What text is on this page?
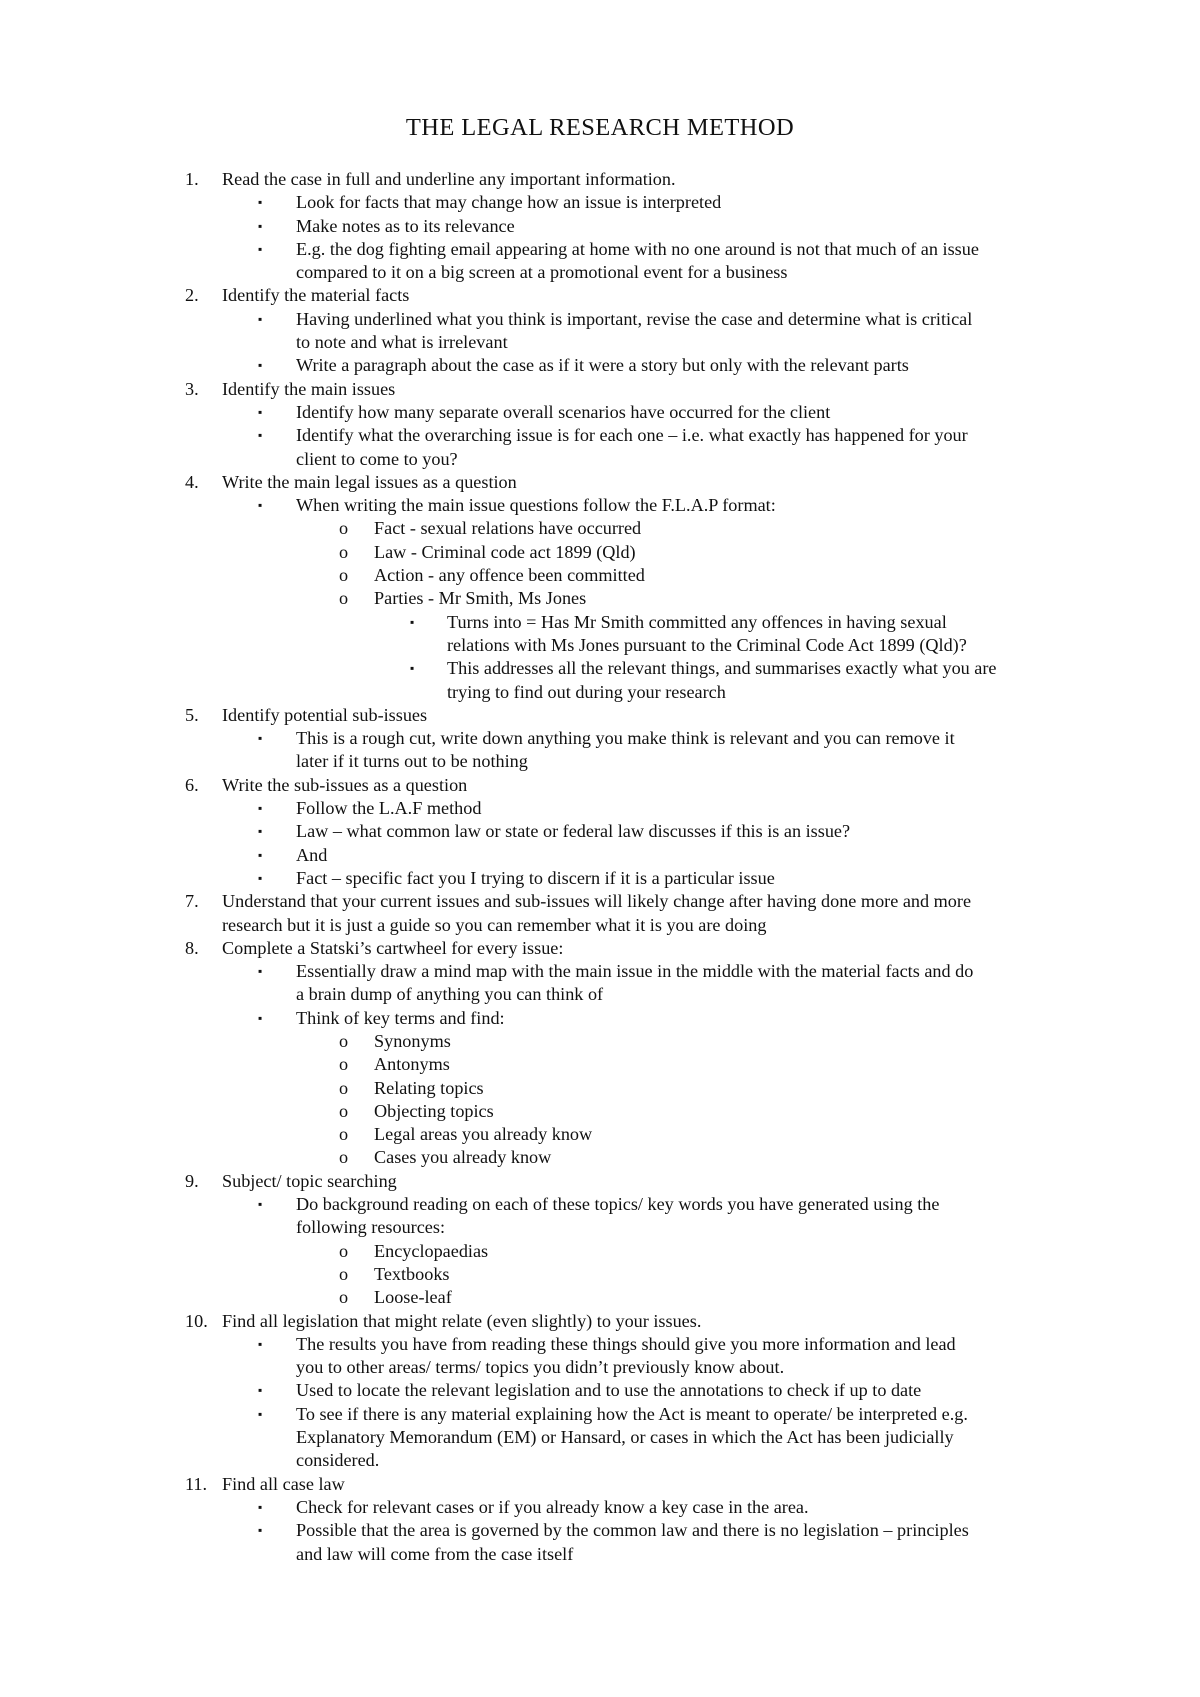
THE LEGAL RESEARCH METHOD
1.	Read the case in full and underline any important information.
▪	Look for facts that may change how an issue is interpreted
▪	Make notes as to its relevance
▪	E.g. the dog fighting email appearing at home with no one around is not that much of an issue
compared to it on a big screen at a promotional event for a business
2.	Identify the material facts
▪	Having underlined what you think is important, revise the case and determine what is critical
to note and what is irrelevant
▪	Write a paragraph about the case as if it were a story but only with the relevant parts
3.	Identify the main issues
▪	Identify how many separate overall scenarios have occurred for the client
▪	Identify what the overarching issue is for each one – i.e. what exactly has happened for your
client to come to you?
4.	Write the main legal issues as a question
▪	When writing the main issue questions follow the F.L.A.P format:
o Fact - sexual relations have occurred
o Law - Criminal code act 1899 (Qld)
o Action - any offence been committed
o Parties - Mr Smith, Ms Jones
▪	Turns into = Has Mr Smith committed any offences in having sexual
relations with Ms Jones pursuant to the Criminal Code Act 1899 (Qld)?
▪	This addresses all the relevant things, and summarises exactly what you are
trying to find out during your research
5.	Identify potential sub-issues
▪	This is a rough cut, write down anything you make think is relevant and you can remove it
later if it turns out to be nothing
6.	Write the sub-issues as a question
▪	Follow the L.A.F method
▪	Law – what common law or state or federal law discusses if this is an issue?
▪	And
▪	Fact – specific fact you I trying to discern if it is a particular issue
7.	Understand that your current issues and sub-issues will likely change after having done more and more
research but it is just a guide so you can remember what it is you are doing
8.	Complete a Statski’s cartwheel for every issue:
▪	Essentially draw a mind map with the main issue in the middle with the material facts and do
a brain dump of anything you can think of
▪	Think of key terms and find:
o Synonyms
o Antonyms
o Relating topics
o Objecting topics
o Legal areas you already know
o Cases you already know
9.	Subject/ topic searching
▪	Do background reading on each of these topics/ key words you have generated using the
following resources:
o Encyclopaedias
o Textbooks
o Loose-leaf
10. Find all legislation that might relate (even slightly) to your issues.
▪	The results you have from reading these things should give you more information and lead
you to other areas/ terms/ topics you didn’t previously know about.
▪	Used to locate the relevant legislation and to use the annotations to check if up to date
▪	To see if there is any material explaining how the Act is meant to operate/ be interpreted e.g.
Explanatory Memorandum (EM) or Hansard, or cases in which the Act has been judicially
considered.
11. Find all case law
▪	Check for relevant cases or if you already know a key case in the area.
▪	Possible that the area is governed by the common law and there is no legislation – principles
and law will come from the case itself
